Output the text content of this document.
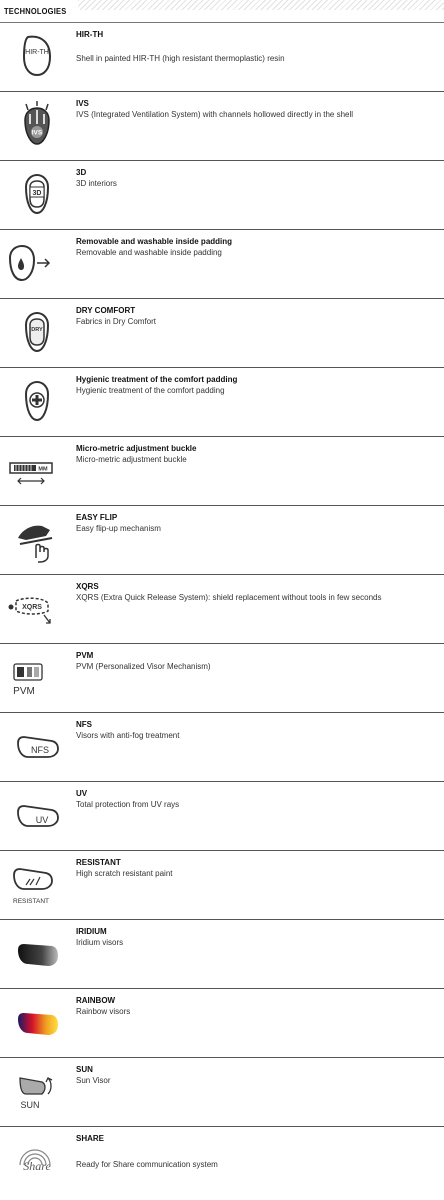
TECHNOLOGIES
HIR-TH
HIR-TH
Shell in painted HIR-TH (high resistant thermoplastic) resin
IVS
IVS
IVS (Integrated Ventilation System) with channels hollowed directly in the shell
3D
3D
3D interiors
Removable and washable inside padding
Removable and washable inside padding
DRY
DRY COMFORT
Fabrics in Dry Comfort
Hygienic treatment of the comfort padding
Hygienic treatment of the comfort padding
MM
Micro-metric adjustment buckle
Micro-metric adjustment buckle
EASY FLIP
Easy flip-up mechanism
XQRS
XQRS
XQRS (Extra Quick Release System): shield replacement without tools in few seconds
PVM
PVM
PVM (Personalized Visor Mechanism)
NFS
NFS
Visors with anti-fog treatment
UV
UV
Total protection from UV rays
RESISTANT
RESISTANT
High scratch resistant paint
IRIDIUM
Iridium visors
RAINBOW
Rainbow visors
SUN
SUN
Sun Visor
Share
SHARE
Ready for Share communication system
